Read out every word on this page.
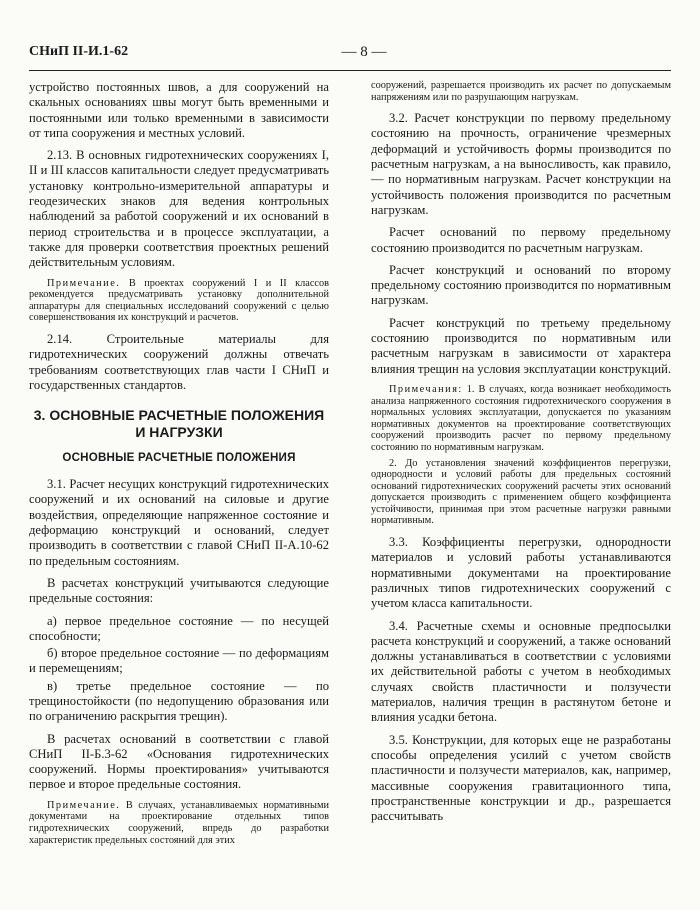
СНиП II-И.1-62	— 8 —

устройство постоянных швов, а для сооружений на скальных основаниях швы могут быть временными и постоянными или только временными в зависимости от типа сооружения и местных условий.

2.13. В основных гидротехнических сооружениях I, II и III классов капитальности следует предусматривать установку контрольно-измерительной аппаратуры и геодезических знаков для ведения контрольных наблюдений за работой сооружений и их оснований в период строительства и в процессе эксплуатации, а также для проверки соответствия проектных решений действительным условиям.

Примечание. В проектах сооружений I и II классов рекомендуется предусматривать установку дополнительной аппаратуры для специальных исследований сооружений с целью совершенствования их конструкций и расчетов.

2.14. Строительные материалы для гидротехнических сооружений должны отвечать требованиям соответствующих глав части I СНиП и государственных стандартов.

3. ОСНОВНЫЕ РАСЧЕТНЫЕ ПОЛОЖЕНИЯ И НАГРУЗКИ
ОСНОВНЫЕ РАСЧЕТНЫЕ ПОЛОЖЕНИЯ

3.1. Расчет несущих конструкций гидротехнических сооружений и их оснований на силовые и другие воздействия, определяющие напряженное состояние и деформацию конструкций и оснований, следует производить в соответствии с главой СНиП II-А.10-62 по предельным состояниям.

В расчетах конструкций учитываются следующие предельные состояния:

а) первое предельное состояние — по несущей способности;

б) второе предельное состояние — по деформациям и перемещениям;

в) третье предельное состояние — по трещиностойкости (по недопущению образования или по ограничению раскрытия трещин).

В расчетах оснований в соответствии с главой СНиП II-Б.3-62 «Основания гидротехнических сооружений. Нормы проектирования» учитываются первое и второе предельные состояния.

Примечание. В случаях, устанавливаемых нормативными документами на проектирование отдельных типов гидротехнических сооружений, впредь до разработки характеристик предельных состояний для этих

сооружений, разрешается производить их расчет по допускаемым напряжениям или по разрушающим нагрузкам.

3.2. Расчет конструкции по первому предельному состоянию на прочность, ограничение чрезмерных деформаций и устойчивость формы производится по расчетным нагрузкам, а на выносливость, как правило, — по нормативным нагрузкам. Расчет конструкции на устойчивость положения производится по расчетным нагрузкам.

Расчет оснований по первому предельному состоянию производится по расчетным нагрузкам.

Расчет конструкций и оснований по второму предельному состоянию производится по нормативным нагрузкам.

Расчет конструкций по третьему предельному состоянию производится по нормативным или расчетным нагрузкам в зависимости от характера влияния трещин на условия эксплуатации конструкций.

Примечания: 1. В случаях, когда возникает необходимость анализа напряженного состояния гидротехнического сооружения в нормальных условиях эксплуатации, допускается по указаниям нормативных документов на проектирование соответствующих сооружений производить расчет по первому предельному состоянию по нормативным нагрузкам.

2. До установления значений коэффициентов перегрузки, однородности и условий работы для предельных состояний оснований гидротехнических сооружений расчеты этих оснований допускается производить с применением общего коэффициента устойчивости, принимая при этом расчетные нагрузки равными нормативным.

3.3. Коэффициенты перегрузки, однородности материалов и условий работы устанавливаются нормативными документами на проектирование различных типов гидротехнических сооружений с учетом класса капитальности.

3.4. Расчетные схемы и основные предпосылки расчета конструкций и сооружений, а также оснований должны устанавливаться в соответствии с условиями их действительной работы с учетом в необходимых случаях свойств пластичности и ползучести материалов, наличия трещин в растянутом бетоне и влияния усадки бетона.

3.5. Конструкции, для которых еще не разработаны способы определения усилий с учетом свойств пластичности и ползучести материалов, как, например, массивные сооружения гравитационного типа, пространственные конструкции и др., разрешается рассчитывать
